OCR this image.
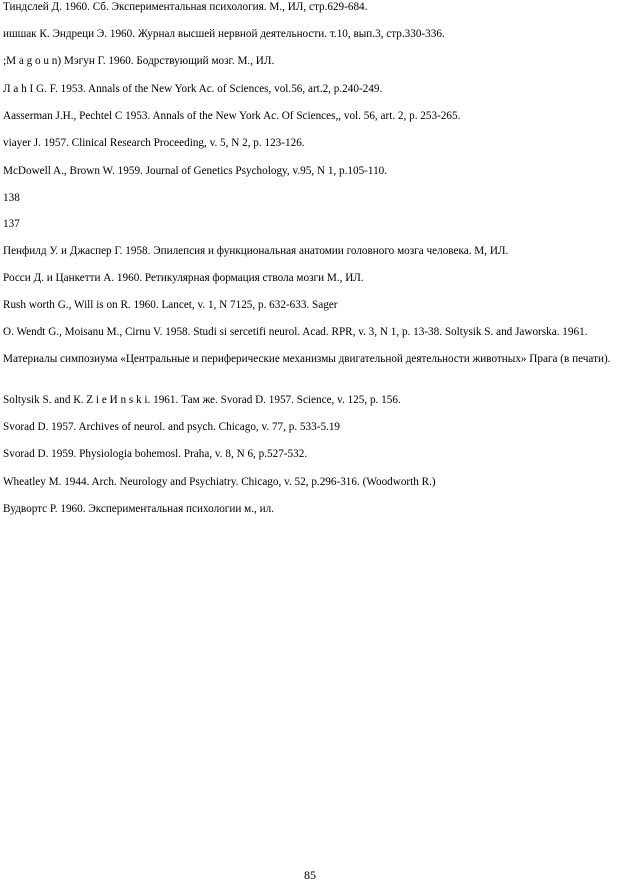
Тиндслей Д. 1960. Сб. Экспериментальная психология. М., ИЛ, стр.629-684.
ишшак К. Эндреци Э. 1960. Журнал высшей нервной деятельности. т.10, вып.3, стр.330-336.
;M a g o u n) Мэгун Г. 1960. Бодрствующий мозг. М., ИЛ.
Л a h I G. F. 1953. Annals of the New York Ac. of Sciences, vol.56, art.2, p.240-249.
Aasserman J.H., Pechtel C 1953. Annals of the New York Ac. Of Sciences,, vol. 56, art. 2, p. 253-265.
viayer J. 1957. Clinical Research Proceeding, v. 5, N 2, p. 123-126.
McDowell A., Brown W. 1959. Journal of Genetics Psychology, v.95, N 1, p.105-110.
138
137
Пенфилд У. и Джаспер Г. 1958. Эпилепсия и функциональная анатомии головного мозга человека. М, ИЛ.
Росси Д. и Цанкетти А. 1960. Ретикулярная формация ствола мозги М., ИЛ.
Rush worth G., Will is on R. 1960. Lancet, v. 1, N 7125, p. 632-633. Sager
O. Wendt G., Moisanu M., Cirnu V. 1958. Studi si sercetifi neurol. Acad. RPR, v. 3, N 1, p. 13-38. Soltysik S. and Jaworska. 1961.
Материалы симпозиума «Центральные и периферические механизмы двигательной деятельности животных» Прага (в печати).
Soltysik S. and К. Z i e И n s k i. 1961. Там же. Svorad D. 1957. Science, v. 125, p. 156.
Svorad D. 1957. Archives of neurol. and psych. Chicago, v. 77, p. 533-5.19
Svorad D. 1959. Physiologia bohemosl. Praha, v. 8, N 6, p.527-532.
Wheatley M. 1944. Arch. Neurology and Psychiatry. Chicago, v. 52, p.296-316. (Woodworth R.)
Вудвортс Р. 1960. Экспериментальная психологии м., ил.
85
